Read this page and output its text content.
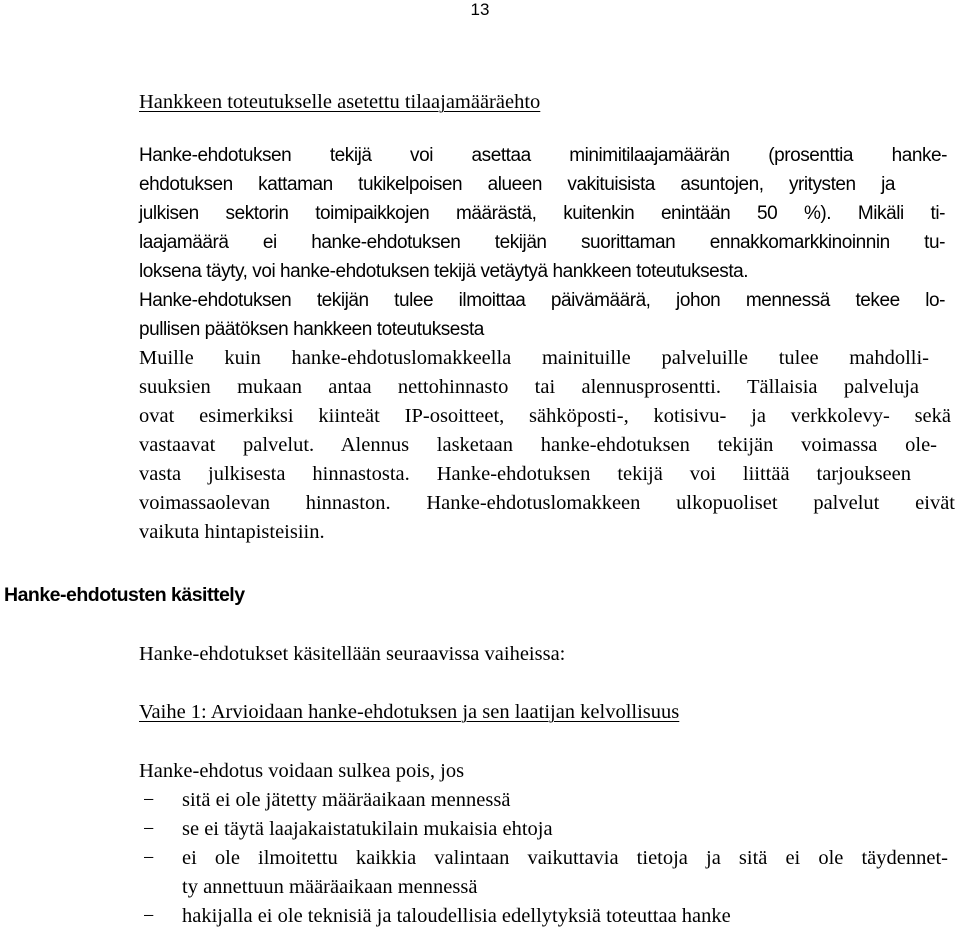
13
Hankkeen toteutukselle asetettu tilaajamääräehto
Hanke-ehdotuksen tekijä voi asettaa minimitilaajamäärän (prosenttia hanke-
ehdotuksen kattaman tukikelpoisen alueen vakituisista asuntojen, yritysten ja
julkisen sektorin toimipaikkojen määrästä, kuitenkin enintään 50 %). Mikäli ti-
laajamäärä ei hanke-ehdotuksen tekijän suorittaman ennakkomarkkinoinnin tu-
loksena täyty, voi hanke-ehdotuksen tekijä vetäytyä hankkeen toteutuksesta.
Hanke-ehdotuksen tekijän tulee ilmoittaa päivämäärä, johon mennessä tekee lo-
pullisen päätöksen hankkeen toteutuksesta
Muille kuin hanke-ehdotuslomakkeella mainituille palveluille tulee mahdolli-
suuksien mukaan antaa nettohinnasto tai alennusprosentti. Tällaisia palveluja
ovat esimerkiksi kiinteät IP-osoitteet, sähköposti-, kotisivu- ja verkkolevy- sekä
vastaavat palvelut. Alennus lasketaan hanke-ehdotuksen tekijän voimassa ole-
vasta julkisesta hinnastosta. Hanke-ehdotuksen tekijä voi liittää tarjoukseen
voimassaolevan hinnaston. Hanke-ehdotuslomakkeen ulkopuoliset palvelut eivät
vaikuta hintapisteisiin.
Hanke-ehdotusten käsittely
Hanke-ehdotukset käsitellään seuraavissa vaiheissa:
Vaihe 1: Arvioidaan hanke-ehdotuksen ja sen laatijan kelvollisuus
Hanke-ehdotus voidaan sulkea pois, jos
−	sitä ei ole jätetty määräaikaan mennessä
−	se ei täytä laajakaistatukilain mukaisia ehtoja
−	ei ole ilmoitettu kaikkia valintaan vaikuttavia tietoja ja sitä ei ole täydennet-
ty annettuun määräaikaan mennessä
−	hakijalla ei ole teknisiä ja taloudellisia edellytyksiä toteuttaa hanke
